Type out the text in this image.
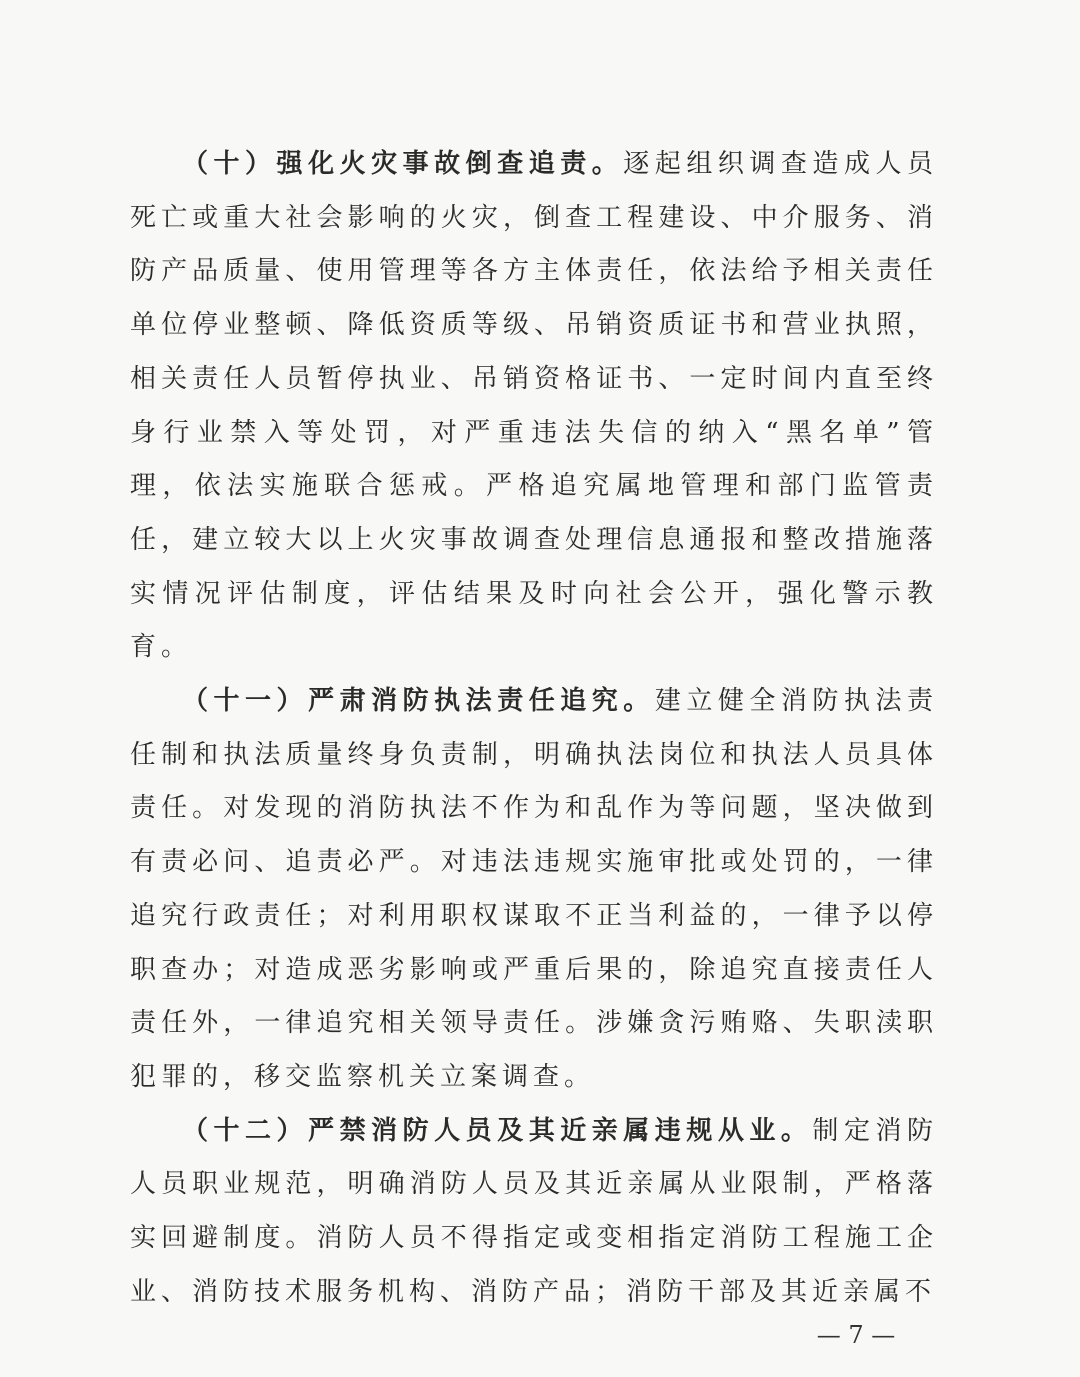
（十）强化火灾事故倒查追责。逐起组织调查造成人员死亡或重大社会影响的火灾，倒查工程建设、中介服务、消防产品质量、使用管理等各方主体责任，依法给予相关责任单位停业整顿、降低资质等级、吊销资质证书和营业执照，相关责任人员暂停执业、吊销资格证书、一定时间内直至终身行业禁入等处罚，对严重违法失信的纳入“黑名单”管理，依法实施联合惩戒。严格追究属地管理和部门监管责任，建立较大以上火灾事故调查处理信息通报和整改措施落实情况评估制度，评估结果及时向社会公开，强化警示教育。

（十一）严肃消防执法责任追究。建立健全消防执法责任制和执法质量终身负责制，明确执法岗位和执法人员具体责任。对发现的消防执法不作为和乱作为等问题，坚决做到有责必问、追责必严。对违法违规实施审批或处罚的，一律追究行政责任；对利用职权谋取不正当利益的，一律予以停职查办；对造成恶劣影响或严重后果的，除追究直接责任人责任外，一律追究相关领导责任。涉嫌贪污贿赂、失职渎职犯罪的，移交监察机关立案调查。

（十二）严禁消防人员及其近亲属违规从业。制定消防人员职业规范，明确消防人员及其近亲属从业限制，严格落实回避制度。消防人员不得指定或变相指定消防工程施工企业、消防技术服务机构、消防产品；消防干部及其近亲属不

— 7 —
